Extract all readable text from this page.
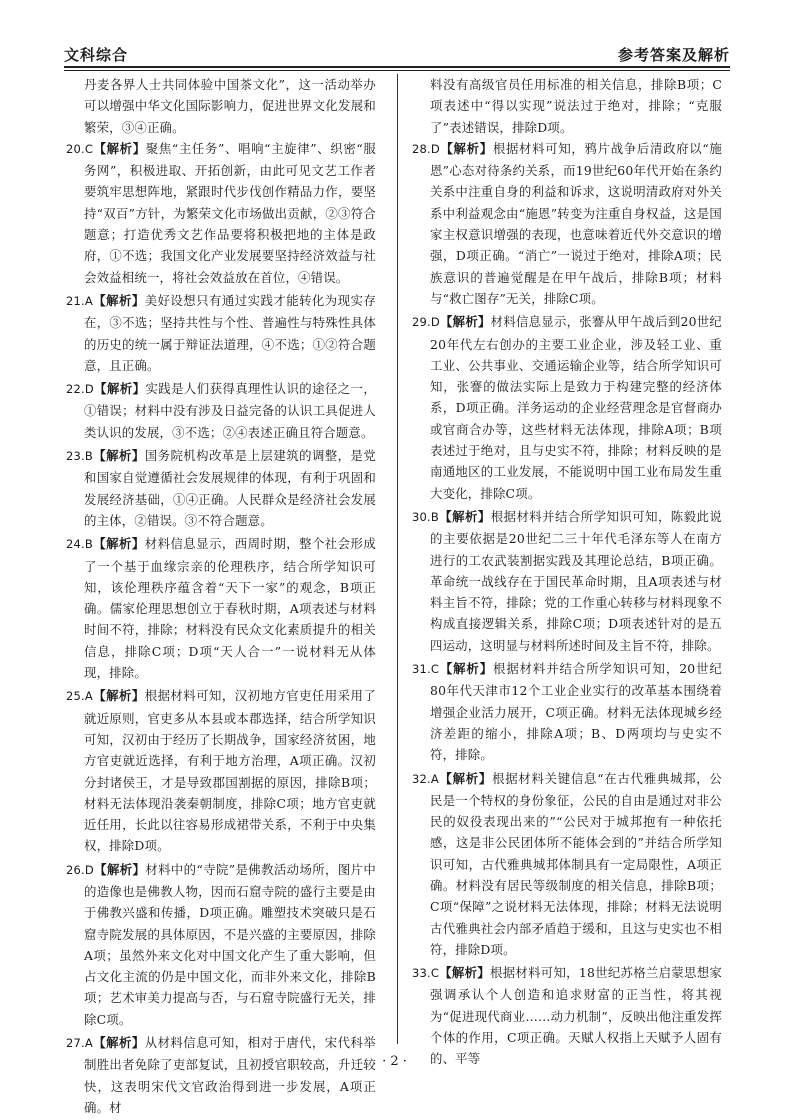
文科综合	参考答案及解析
丹麦各界人士共同体验中国茶文化”，这一活动举办可以增强中华文化国际影响力，促进世界文化发展和繁荣，③④正确。
20.C【解析】聚焦“主任务”、唱响“主旋律”、织密“服务网”，积极进取、开拓创新，由此可见文艺工作者要筑牢思想阵地，紧跟时代步伐创作精品力作，要坚持“双百”方针，为繁荣文化市场做出贡献，②③符合题意；打造优秀文艺作品要将积极把地的主体是政府，①不选；我国文化产业发展要坚持经济效益与社会效益相统一，将社会效益放在首位，④错误。
21.A【解析】美好设想只有通过实践才能转化为现实存在，③不选；坚持共性与个性、普遍性与特殊性具体的历史的统一属于辩证法道理，④不选；①②符合题意，且正确。
22.D【解析】实践是人们获得真理性认识的途径之一，①错误；材料中没有涉及日益完备的认识工具促进人类认识的发展，③不选；②④表述正确且符合题意。
23.B【解析】国务院机构改革是上层建筑的调整，是党和国家自觉遵循社会发展规律的体现，有利于巩固和发展经济基础，①④正确。人民群众是经济社会发展的主体，②错误。③不符合题意。
24.B【解析】材料信息显示，西周时期，整个社会形成了一个基于血缘宗亲的伦理秩序，结合所学知识可知，该伦理秩序蕴含着“天下一家”的观念，B项正确。儒家伦理思想创立于春秋时期，A项表述与材料时间不符，排除；材料没有民众文化素质提升的相关信息，排除C项；D项“天人合一”一说材料无从体现，排除。
25.A【解析】根据材料可知，汉初地方官吏任用采用了就近原则，官吏多从本县或本郡选择，结合所学知识可知，汉初由于经历了长期战争，国家经济贫困，地方官吏就近选择，有利于地方治理，A项正确。汉初分封诸侯王，才是导致郡国割据的原因，排除B项；材料无法体现沿袭秦朝制度，排除C项；地方官吏就近任用，长此以往容易形成裙带关系，不利于中央集权，排除D项。
26.D【解析】材料中的“寺院”是佛教活动场所，图片中的造像也是佛教人物，因而石窟寺院的盛行主要是由于佛教兴盛和传播，D项正确。雕塑技术突破只是石窟寺院发展的具体原因，不是兴盛的主要原因，排除A项；虽然外来文化对中国文化产生了重大影响，但占文化主流的仍是中国文化，而非外来文化，排除B项；艺术审美力提高与否，与石窟寺院盛行无关，排除C项。
27.A【解析】从材料信息可知，相对于唐代，宋代科举制胜出者免除了吏部复试，且初授官职较高，升迁较快，这表明宋代文官政治得到进一步发展，A项正确。材
料没有高级官员任用标准的相关信息，排除B项；C项表述中“得以实现”说法过于绝对，排除；“克服了”表述错误，排除D项。
28.D【解析】根据材料可知，鸦片战争后清政府以“施恩”心态对待条约关系，而19世纪60年代开始在条约关系中注重自身的利益和诉求，这说明清政府对外关系中利益观念由“施恩”转变为注重自身权益，这是国家主权意识增强的表现，也意味着近代外交意识的增强，D项正确。“消亡”一说过于绝对，排除A项；民族意识的普遍觉醒是在甲午战后，排除B项；材料与“救亡图存”无关，排除C项。
29.D【解析】材料信息显示，张謇从甲午战后到20世纪20年代左右创办的主要工业企业，涉及轻工业、重工业、公共事业、交通运输企业等，结合所学知识可知，张謇的做法实际上是致力于构建完整的经济体系，D项正确。洋务运动的企业经营理念是官督商办或官商合办等，这些材料无法体现，排除A项；B项表述过于绝对，且与史实不符，排除；材料反映的是南通地区的工业发展，不能说明中国工业布局发生重大变化，排除C项。
30.B【解析】根据材料并结合所学知识可知，陈毅此说的主要依据是20世纪二三十年代毛泽东等人在南方进行的工农武装割据实践及其理论总结，B项正确。革命统一战线存在于国民革命时期，且A项表述与材料主旨不符，排除；党的工作重心转移与材料现象不构成直接逻辑关系，排除C项；D项表述针对的是五四运动，这明显与材料所述时间及主旨不符，排除。
31.C【解析】根据材料并结合所学知识可知，20世纪80年代天津市12个工业企业实行的改革基本围绕着增强企业活力展开，C项正确。材料无法体现城乡经济差距的缩小，排除A项；B、D两项均与史实不符，排除。
32.A【解析】根据材料关键信息“在古代雅典城邦，公民是一个特权的身份象征，公民的自由是通过对非公民的奴役表现出来的”“公民对于城邦抱有一种依托感，这是非公民团体所不能体会到的”并结合所学知识可知，古代雅典城邦体制具有一定局限性，A项正确。材料没有居民等级制度的相关信息，排除B项；C项“保障”之说材料无法体现，排除；材料无法说明古代雅典社会内部矛盾趋于缓和，且这与史实也不相符，排除D项。
33.C【解析】根据材料可知，18世纪苏格兰启蒙思想家强调承认个人创造和追求财富的正当性，将其视为“促进现代商业……动力机制”，反映出他注重发挥个体的作用，C项正确。天赋人权指上天赋予人固有的、平等
· 2 ·
